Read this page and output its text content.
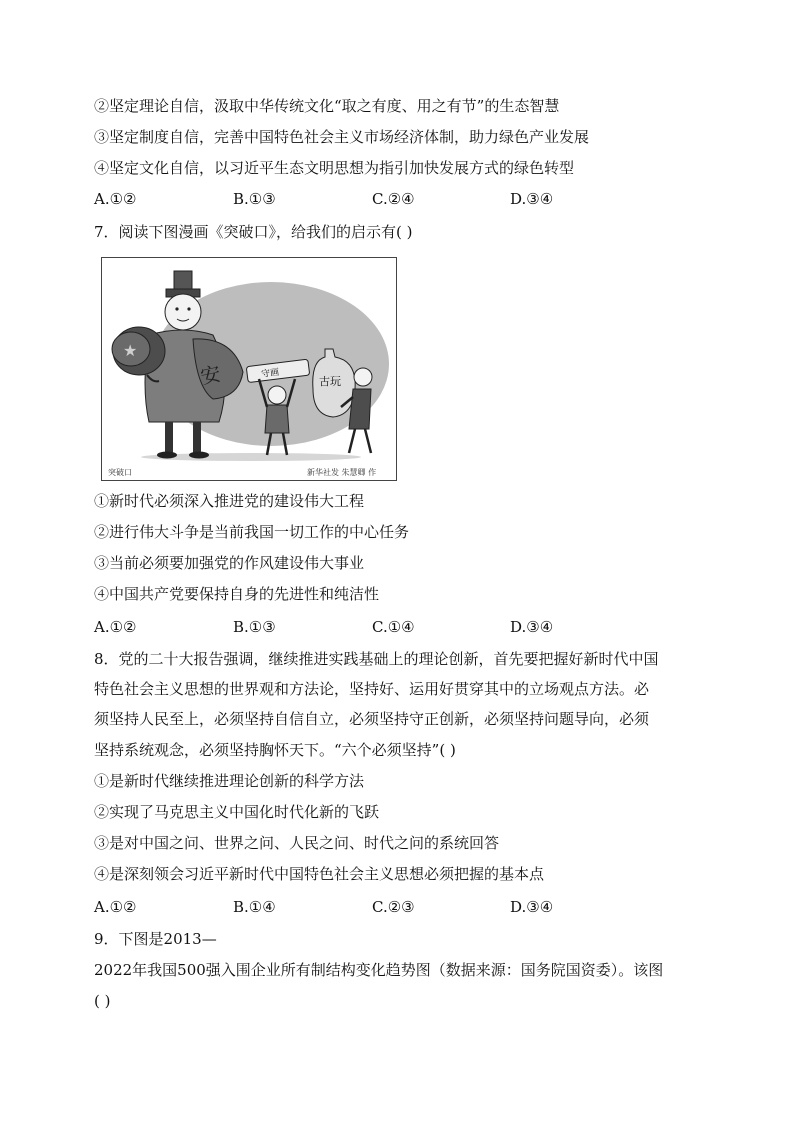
②坚定理论自信，汲取中华传统文化“取之有度、用之有节”的生态智慧
③坚定制度自信，完善中国特色社会主义市场经济体制，助力绿色产业发展
④坚定文化自信，以习近平生态文明思想为指引加快发展方式的绿色转型
A.①②	B.①③	C.②④	D.③④
7．阅读下图漫画《突破口》，给我们的启示有( )
安
★
守画
古玩
突破口	新华社发 朱慧卿 作
①新时代必须深入推进党的建设伟大工程
②进行伟大斗争是当前我国一切工作的中心任务
③当前必须要加强党的作风建设伟大事业
④中国共产党要保持自身的先进性和纯洁性
A.①②	B.①③	C.①④	D.③④
8．党的二十大报告强调，继续推进实践基础上的理论创新，首先要把握好新时代中国
特色社会主义思想的世界观和方法论，坚持好、运用好贯穿其中的立场观点方法。必
须坚持人民至上，必须坚持自信自立，必须坚持守正创新，必须坚持问题导向，必须
坚持系统观念，必须坚持胸怀天下。“六个必须坚持”( )
①是新时代继续推进理论创新的科学方法
②实现了马克思主义中国化时代化新的飞跃
③是对中国之问、世界之问、人民之问、时代之问的系统回答
④是深刻领会习近平新时代中国特色社会主义思想必须把握的基本点
A.①②	B.①④	C.②③	D.③④
9．下图是2013—
2022年我国500强入围企业所有制结构变化趋势图（数据来源：国务院国资委）。该图
( )
